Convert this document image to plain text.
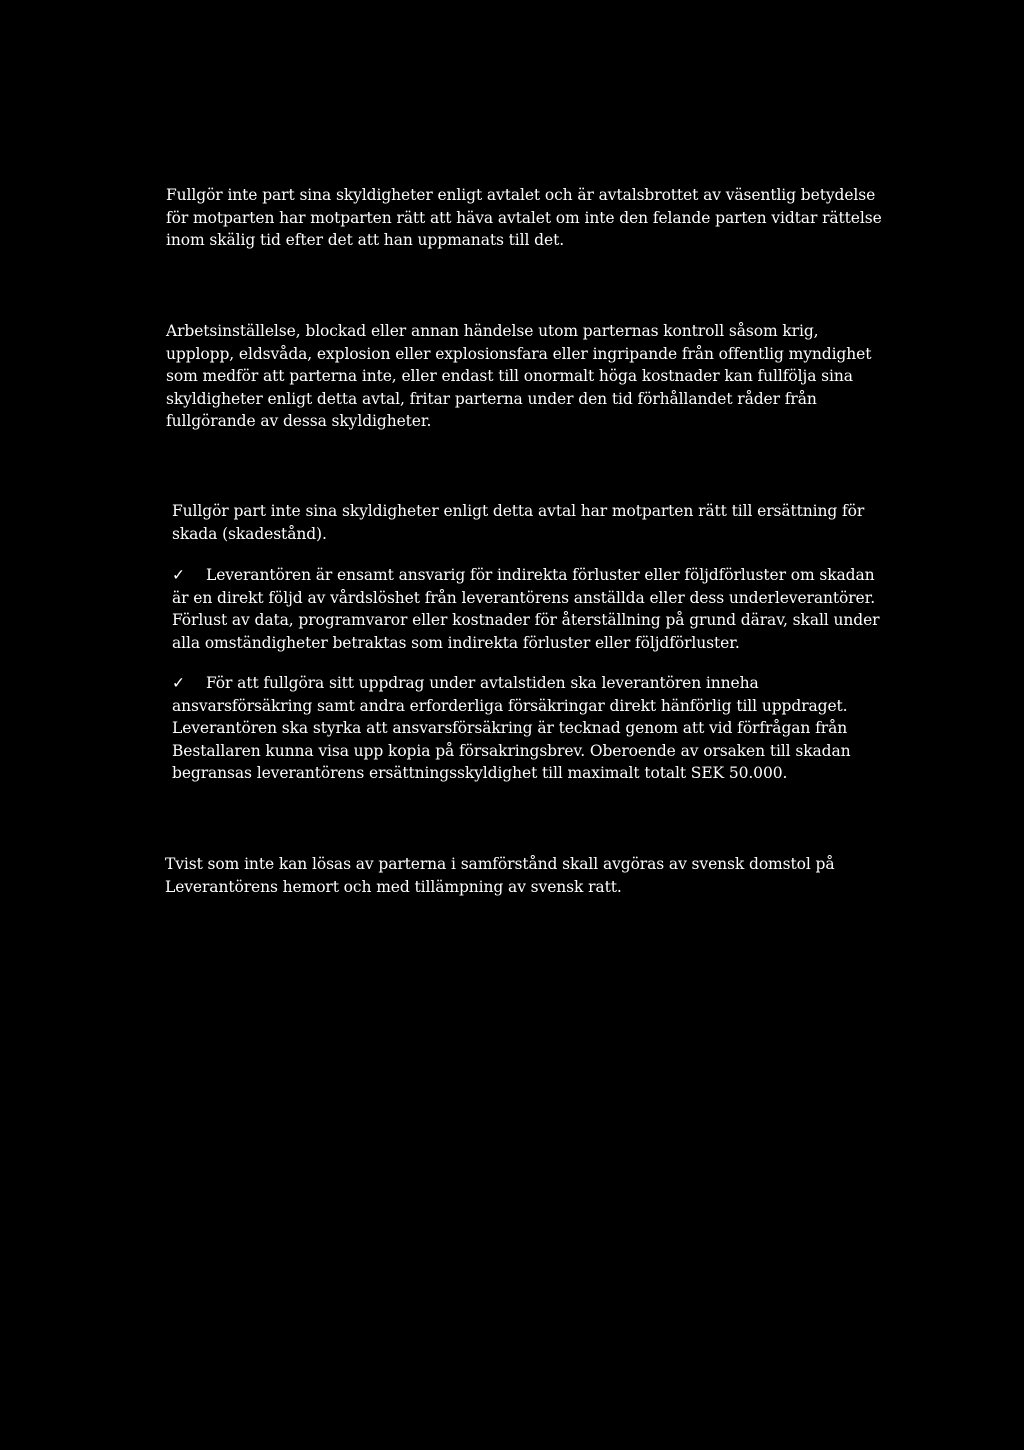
Fullgör inte part sina skyldigheter enligt avtalet och är avtalsbrottet av väsentlig betydelse
för motparten har motparten rätt att häva avtalet om inte den felande parten vidtar rättelse
inom skälig tid efter det att han uppmanats till det.

Arbetsinställelse, blockad eller annan händelse utom parternas kontroll såsom krig,
upplopp, eldsvåda, explosion eller explosionsfara eller ingripande från offentlig myndighet
som medför att parterna inte, eller endast till onormalt höga kostnader kan fullfölja sina
skyldigheter enligt detta avtal, fritar parterna under den tid förhållandet råder från
fullgörande av dessa skyldigheter.

Fullgör part inte sina skyldigheter enligt detta avtal har motparten rätt till ersättning för
skada (skadestånd).

✓ Leverantören är ensamt ansvarig för indirekta förluster eller följdförluster om skadan
är en direkt följd av vårdslöshet från leverantörens anställda eller dess underleverantörer.
Förlust av data, programvaror eller kostnader för återställning på grund därav, skall under
alla omständigheter betraktas som indirekta förluster eller följdförluster.
✓ För att fullgöra sitt uppdrag under avtalstiden ska leverantören inneha
ansvarsförsäkring samt andra erforderliga försäkringar direkt hänförlig till uppdraget.
Leverantören ska styrka att ansvarsförsäkring är tecknad genom att vid förfrågan från
Bestallaren kunna visa upp kopia på försakringsbrev. Oberoende av orsaken till skadan
begransas leverantörens ersättningsskyldighet till maximalt totalt SEK 50.000.

Tvist som inte kan lösas av parterna i samförstånd skall avgöras av svensk domstol på
Leverantörens hemort och med tillämpning av svensk ratt.
